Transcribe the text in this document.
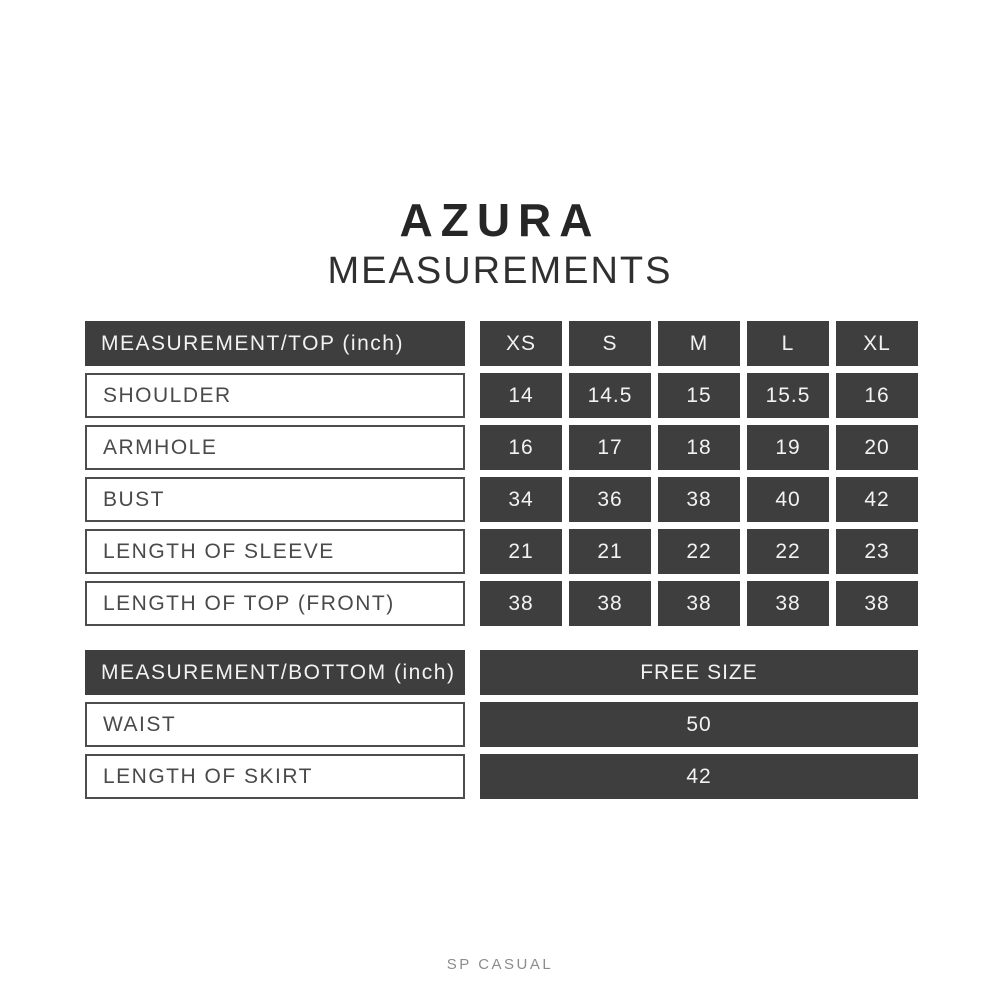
AZURA
MEASUREMENTS
MEASUREMENT/TOP (inch)	XS	S	M	L	XL
SHOULDER	14	14.5	15	15.5	16
ARMHOLE	16	17	18	19	20
BUST	34	36	38	40	42
LENGTH OF SLEEVE	21	21	22	22	23
LENGTH OF TOP (FRONT)	38	38	38	38	38
MEASUREMENT/BOTTOM (inch)	FREE SIZE
WAIST	50
LENGTH OF SKIRT	42
SP CASUAL
